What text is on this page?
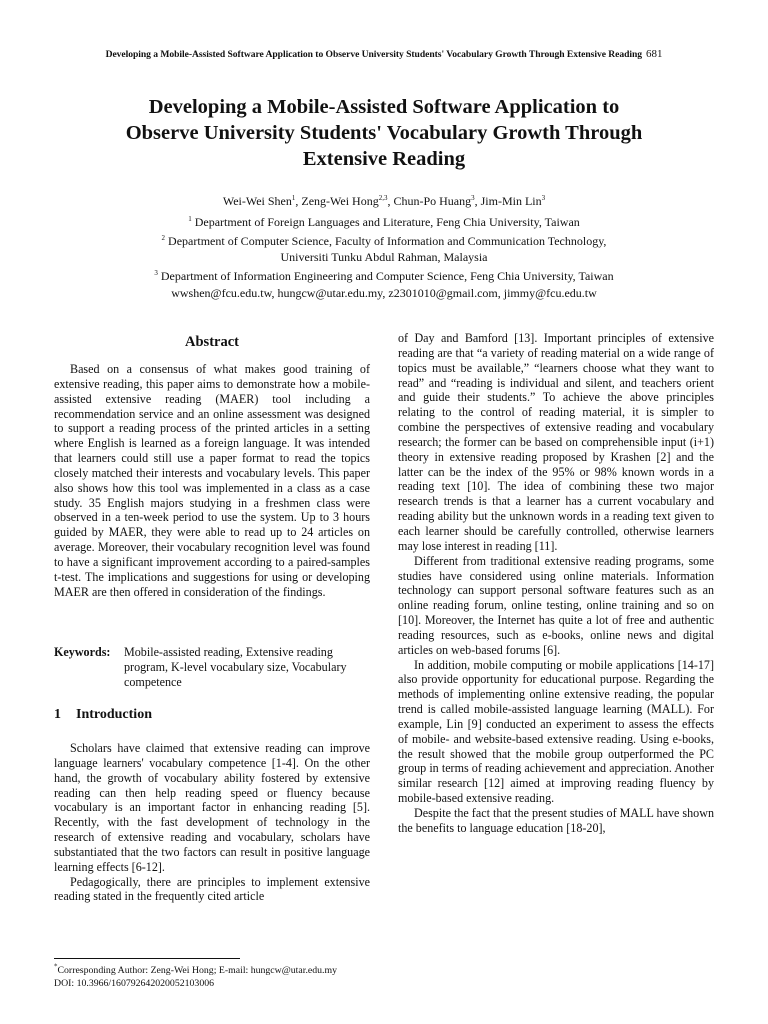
Developing a Mobile-Assisted Software Application to Observe University Students' Vocabulary Growth Through Extensive Reading 681
Developing a Mobile-Assisted Software Application to
Observe University Students' Vocabulary Growth Through
Extensive Reading
Wei-Wei Shen$^1$, Zeng-Wei Hong$^{2,3}$, Chun-Po Huang$^3$, Jim-Min Lin$^3$
$^1$ Department of Foreign Languages and Literature, Feng Chia University, Taiwan
$^2$ Department of Computer Science, Faculty of Information and Communication Technology,
Universiti Tunku Abdul Rahman, Malaysia
$^3$ Department of Information Engineering and Computer Science, Feng Chia University, Taiwan
wwshen@fcu.edu.tw, hungcw@utar.edu.my, z2301010@gmail.com, jimmy@fcu.edu.tw
Abstract

Based on a consensus of what makes good training of extensive reading, this paper aims to demonstrate how a mobile-assisted extensive reading (MAER) tool including a recommendation service and an online assessment was designed to support a reading process of the printed articles in a setting where English is learned as a foreign language. It was intended that learners could still use a paper format to read the topics closely matched their interests and vocabulary levels. This paper also shows how this tool was implemented in a class as a case study. 35 English majors studying in a freshmen class were observed in a ten-week period to use the system. Up to 3 hours guided by MAER, they were able to read up to 24 articles on average. Moreover, their vocabulary recognition level was found to have a significant improvement according to a paired-samples t-test. The implications and suggestions for using or developing MAER are then offered in consideration of the findings.

Keywords: Mobile-assisted reading, Extensive reading program, K-level vocabulary size, Vocabulary competence
1 Introduction

Scholars have claimed that extensive reading can improve language learners' vocabulary competence [1-4]. On the other hand, the growth of vocabulary ability fostered by extensive reading can then help reading speed or fluency because vocabulary is an important factor in enhancing reading [5]. Recently, with the fast development of technology in the research of extensive reading and vocabulary, scholars have substantiated that the two factors can result in positive language learning effects [6-12].

Pedagogically, there are principles to implement extensive reading stated in the frequently cited article

of Day and Bamford [13]. Important principles of extensive reading are that “a variety of reading material on a wide range of topics must be available,” “learners choose what they want to read” and “reading is individual and silent, and teachers orient and guide their students.” To achieve the above principles relating to the control of reading material, it is simpler to combine the perspectives of extensive reading and vocabulary research; the former can be based on comprehensible input (i+1) theory in extensive reading proposed by Krashen [2] and the latter can be the index of the 95% or 98% known words in a reading text [10]. The idea of combining these two major research trends is that a learner has a current vocabulary and reading ability but the unknown words in a reading text given to each learner should be carefully controlled, otherwise learners may lose interest in reading [11].

Different from traditional extensive reading programs, some studies have considered using online materials. Information technology can support personal software features such as an online reading forum, online testing, online training and so on [10]. Moreover, the Internet has quite a lot of free and authentic reading resources, such as e-books, online news and digital articles on web-based forums [6].

In addition, mobile computing or mobile applications [14-17] also provide opportunity for educational purpose. Regarding the methods of implementing online extensive reading, the popular trend is called mobile-assisted language learning (MALL). For example, Lin [9] conducted an experiment to assess the effects of mobile- and website-based extensive reading. Using e-books, the result showed that the mobile group outperformed the PC group in terms of reading achievement and appreciation. Another similar research [12] aimed at improving reading fluency by mobile-based extensive reading.

Despite the fact that the present studies of MALL have shown the benefits to language education [18-20],

*Corresponding Author: Zeng-Wei Hong; E-mail: hungcw@utar.edu.my
DOI: 10.3966/160792642020052103006
